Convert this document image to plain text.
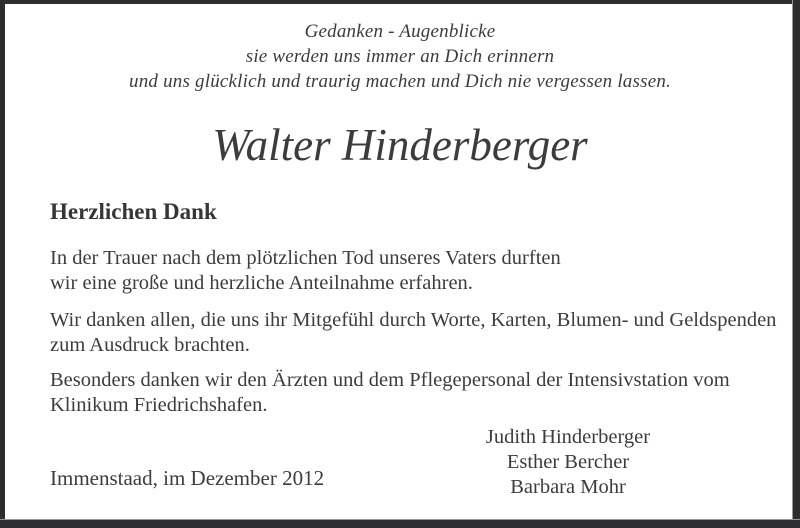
Gedanken - Augenblicke
sie werden uns immer an Dich erinnern
und uns glücklich und traurig machen und Dich nie vergessen lassen.
Walter Hinderberger
Herzlichen Dank
In der Trauer nach dem plötzlichen Tod unseres Vaters durften
wir eine große und herzliche Anteilnahme erfahren.
Wir danken allen, die uns ihr Mitgefühl durch Worte, Karten, Blumen- und Geldspenden
zum Ausdruck brachten.
Besonders danken wir den Ärzten und dem Pflegepersonal der Intensivstation vom
Klinikum Friedrichshafen.
Judith Hinderberger
Esther Bercher
Barbara Mohr
Immenstaad, im Dezember 2012
